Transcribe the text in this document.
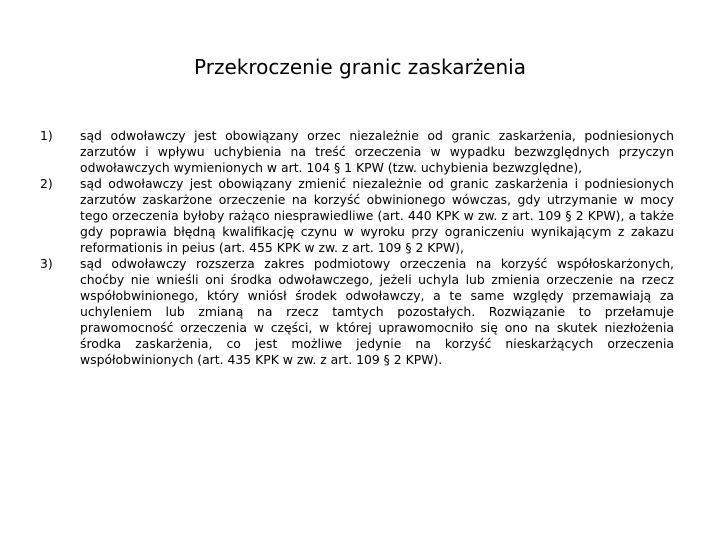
Przekroczenie granic zaskarżenia
1) sąd odwoławczy jest obowiązany orzec niezależnie od granic zaskarżenia, podniesionych zarzutów i wpływu uchybienia na treść orzeczenia w wypadku bezwzględnych przyczyn odwoławczych wymienionych w art. 104 § 1 KPW (tzw. uchybienia bezwzględne),
2) sąd odwoławczy jest obowiązany zmienić niezależnie od granic zaskarżenia i podniesionych zarzutów zaskarżone orzeczenie na korzyść obwinionego wówczas, gdy utrzymanie w mocy tego orzeczenia byłoby rażąco niesprawiedliwe (art. 440 KPK w zw. z art. 109 § 2 KPW), a także gdy poprawia błędną kwalifikację czynu w wyroku przy ograniczeniu wynikającym z zakazu reformationis in peius (art. 455 KPK w zw. z art. 109 § 2 KPW),
3) sąd odwoławczy rozszerza zakres podmiotowy orzeczenia na korzyść współoskarżonych, choćby nie wnieśli oni środka odwoławczego, jeżeli uchyla lub zmienia orzeczenie na rzecz współobwinionego, który wniósł środek odwoławczy, a te same względy przemawiają za uchyleniem lub zmianą na rzecz tamtych pozostałych. Rozwiązanie to przełamuje prawomocność orzeczenia w części, w której uprawomocniło się ono na skutek niezłożenia środka zaskarżenia, co jest możliwe jedynie na korzyść nieskarżących orzeczenia współobwinionych (art. 435 KPK w zw. z art. 109 § 2 KPW).
